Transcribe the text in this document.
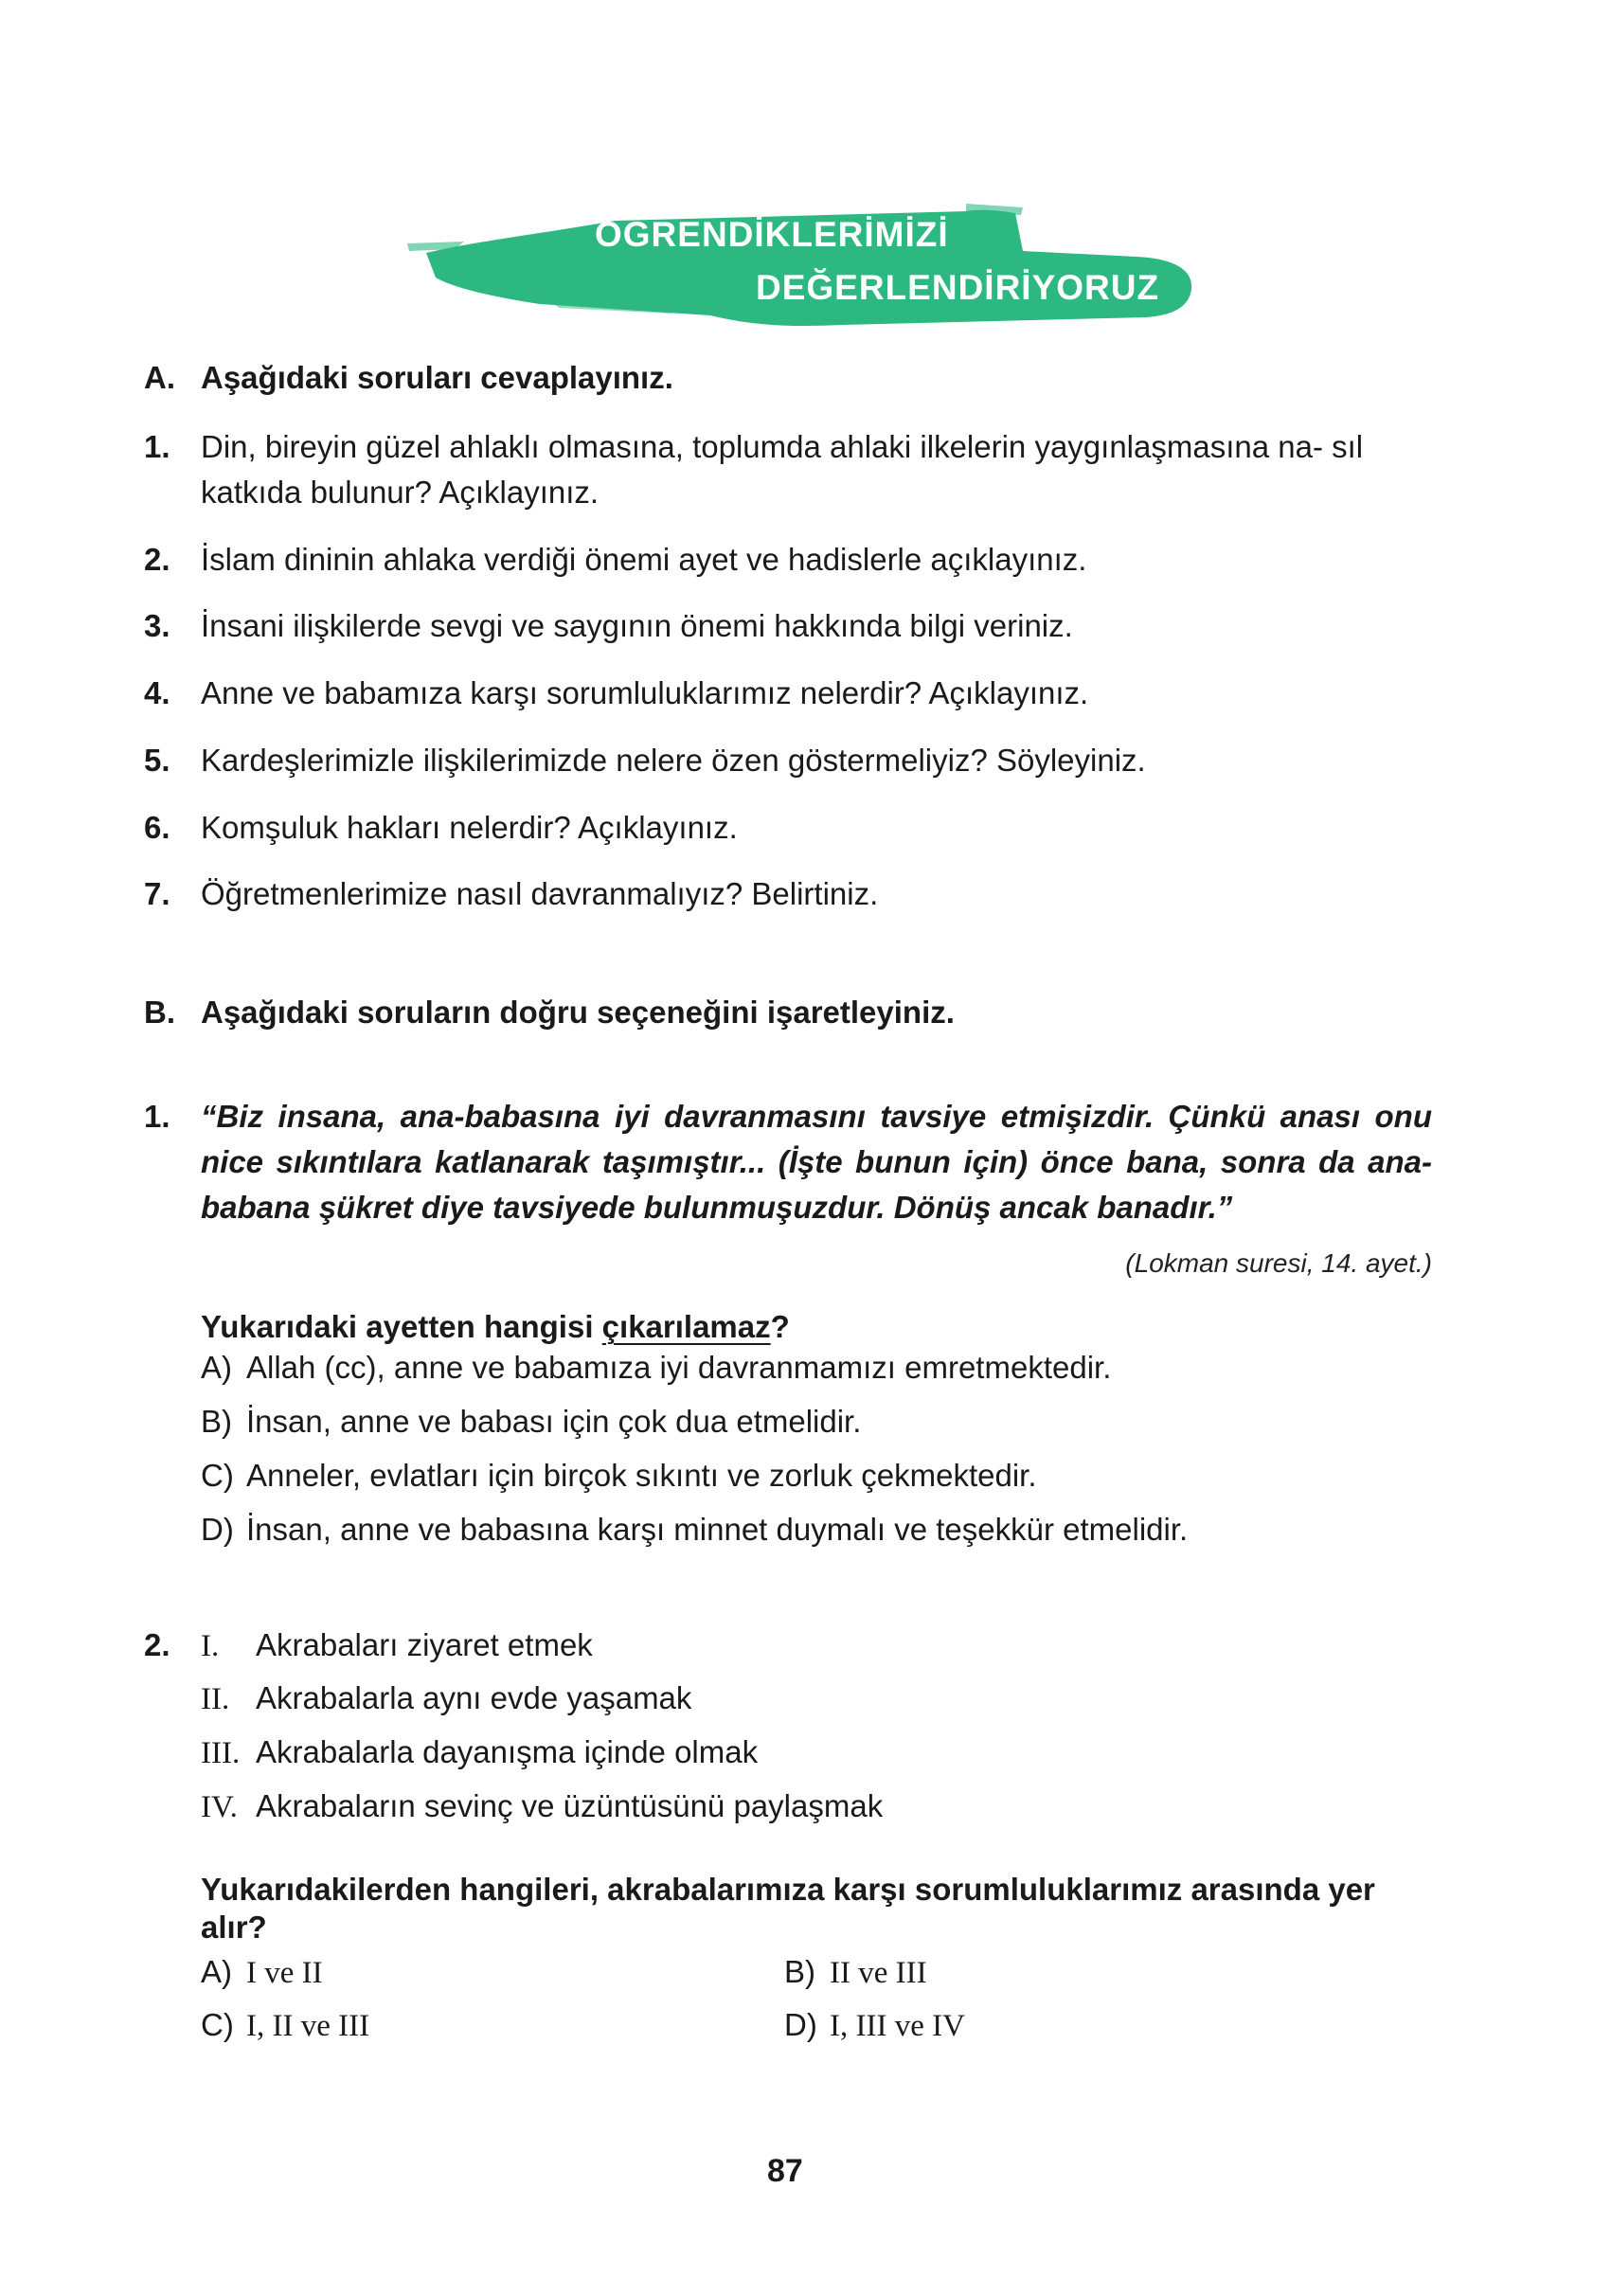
ÖĞRENDİKLERİMİZİ
DEĞERLENDİRİYORUZ
A. Aşağıdaki soruları cevaplayınız.
1. Din, bireyin güzel ahlaklı olmasına, toplumda ahlaki ilkelerin yaygınlaşmasına na- sıl katkıda bulunur? Açıklayınız.
2. İslam dininin ahlaka verdiği önemi ayet ve hadislerle açıklayınız.
3. İnsani ilişkilerde sevgi ve saygının önemi hakkında bilgi veriniz.
4. Anne ve babamıza karşı sorumluluklarımız nelerdir? Açıklayınız.
5. Kardeşlerimizle ilişkilerimizde nelere özen göstermeliyiz? Söyleyiniz.
6. Komşuluk hakları nelerdir? Açıklayınız.
7. Öğretmenlerimize nasıl davranmalıyız? Belirtiniz.
B. Aşağıdaki soruların doğru seçeneğini işaretleyiniz.
1. “Biz insana, ana-babasına iyi davranmasını tavsiye etmişizdir. Çünkü anası onu nice sıkıntılara katlanarak taşımıştır... (İşte bunun için) önce bana, sonra da ana-babana şükret diye tavsiyede bulunmuşuzdur. Dönüş ancak banadır.”
(Lokman suresi, 14. ayet.)
Yukarıdaki ayetten hangisi çıkarılamaz?
A) Allah (cc), anne ve babamıza iyi davranmamızı emretmektedir.
B) İnsan, anne ve babası için çok dua etmelidir.
C) Anneler, evlatları için birçok sıkıntı ve zorluk çekmektedir.
D) İnsan, anne ve babasına karşı minnet duymalı ve teşekkür etmelidir.
2. I. Akrabaları ziyaret etmek
II. Akrabalarla aynı evde yaşamak
III. Akrabalarla dayanışma içinde olmak
IV. Akrabaların sevinç ve üzüntüsünü paylaşmak
Yukarıdakilerden hangileri, akrabalarımıza karşı sorumluluklarımız arasında yer alır?
A) I ve II	B) II ve III
C) I, II ve III	D) I, III ve IV
87
